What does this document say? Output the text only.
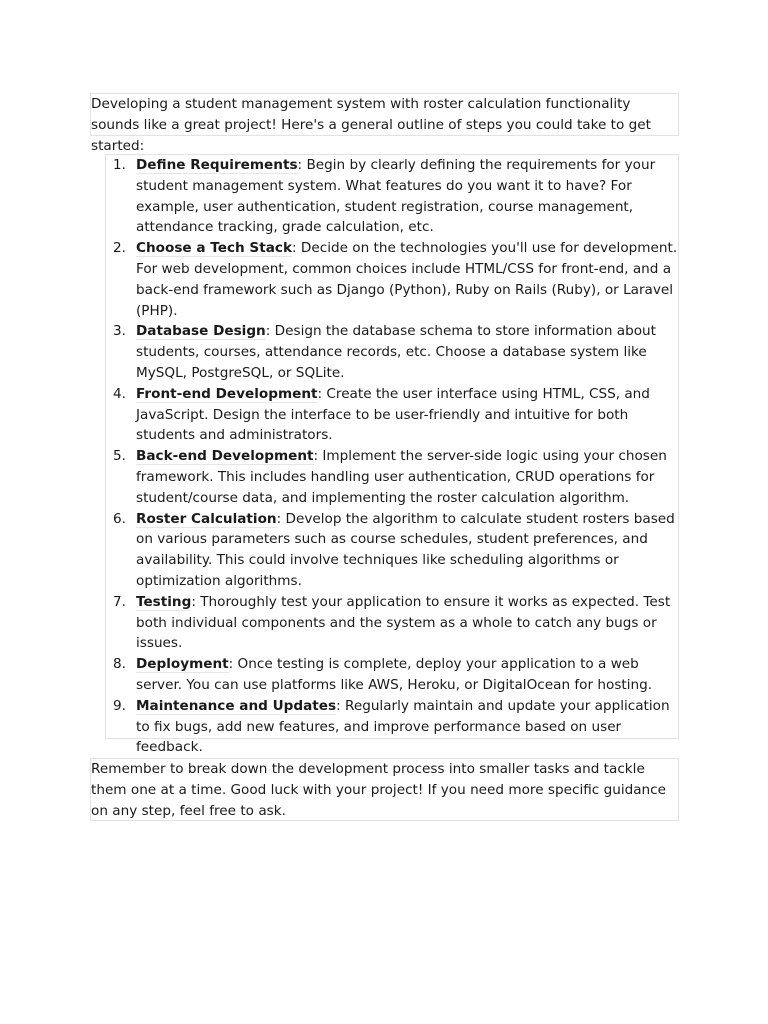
Developing a student management system with roster calculation functionality sounds like a great project! Here's a general outline of steps you could take to get started:

1. Define Requirements: Begin by clearly defining the requirements for your student management system. What features do you want it to have? For example, user authentication, student registration, course management, attendance tracking, grade calculation, etc.
2. Choose a Tech Stack: Decide on the technologies you'll use for development. For web development, common choices include HTML/CSS for front-end, and a back-end framework such as Django (Python), Ruby on Rails (Ruby), or Laravel (PHP).
3. Database Design: Design the database schema to store information about students, courses, attendance records, etc. Choose a database system like MySQL, PostgreSQL, or SQLite.
4. Front-end Development: Create the user interface using HTML, CSS, and JavaScript. Design the interface to be user-friendly and intuitive for both students and administrators.
5. Back-end Development: Implement the server-side logic using your chosen framework. This includes handling user authentication, CRUD operations for student/course data, and implementing the roster calculation algorithm.
6. Roster Calculation: Develop the algorithm to calculate student rosters based on various parameters such as course schedules, student preferences, and availability. This could involve techniques like scheduling algorithms or optimization algorithms.
7. Testing: Thoroughly test your application to ensure it works as expected. Test both individual components and the system as a whole to catch any bugs or issues.
8. Deployment: Once testing is complete, deploy your application to a web server. You can use platforms like AWS, Heroku, or DigitalOcean for hosting.
9. Maintenance and Updates: Regularly maintain and update your application to fix bugs, add new features, and improve performance based on user feedback.

Remember to break down the development process into smaller tasks and tackle them one at a time. Good luck with your project! If you need more specific guidance on any step, feel free to ask.
